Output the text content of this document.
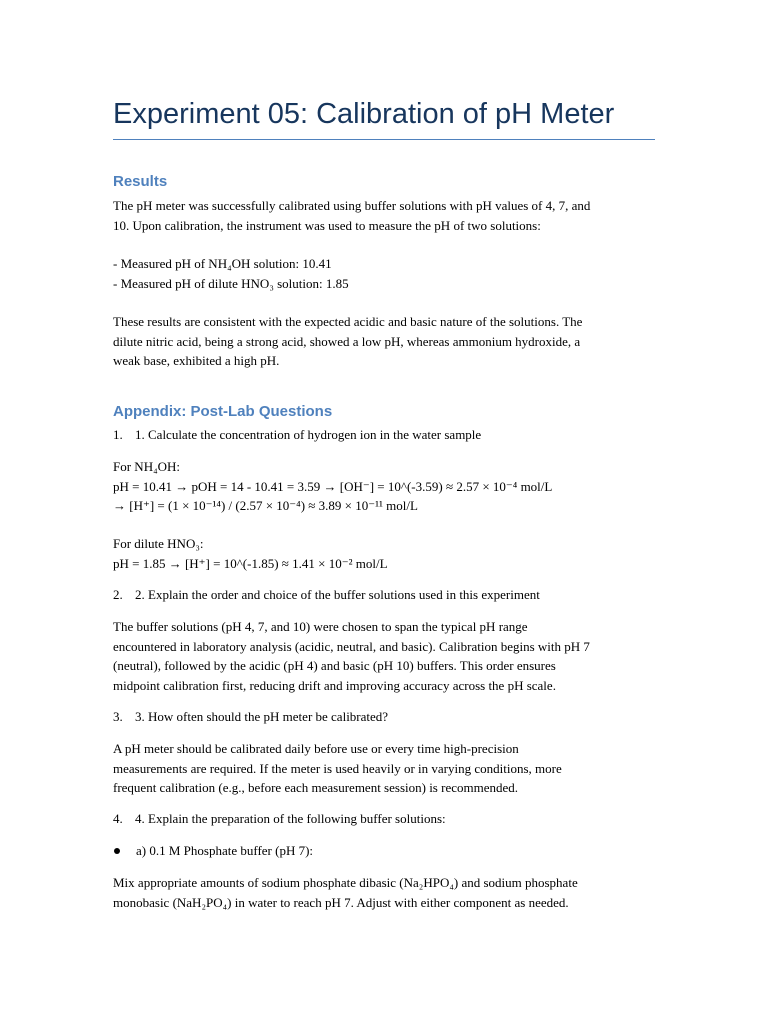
Experiment 05: Calibration of pH Meter
Results

The pH meter was successfully calibrated using buffer solutions with pH values of 4, 7, and

10. Upon calibration, the instrument was used to measure the pH of two solutions:

- Measured pH of NH₄OH solution: 10.41

- Measured pH of dilute HNO₃ solution: 1.85

These results are consistent with the expected acidic and basic nature of the solutions. The

dilute nitric acid, being a strong acid, showed a low pH, whereas ammonium hydroxide, a

weak base, exhibited a high pH.

Appendix: Post-Lab Questions

1. 1. Calculate the concentration of hydrogen ion in the water sample

For NH₄OH:

pH = 10.41 → pOH = 14 - 10.41 = 3.59 → [OH⁻] = 10^(-3.59) ≈ 2.57 × 10⁻⁴ mol/L

→ [H⁺] = (1 × 10⁻¹⁴) / (2.57 × 10⁻⁴) ≈ 3.89 × 10⁻¹¹ mol/L

For dilute HNO₃:

pH = 1.85 → [H⁺] = 10^(-1.85) ≈ 1.41 × 10⁻² mol/L

2. 2. Explain the order and choice of the buffer solutions used in this experiment

The buffer solutions (pH 4, 7, and 10) were chosen to span the typical pH range

encountered in laboratory analysis (acidic, neutral, and basic). Calibration begins with pH 7

(neutral), followed by the acidic (pH 4) and basic (pH 10) buffers. This order ensures

midpoint calibration first, reducing drift and improving accuracy across the pH scale.

3. 3. How often should the pH meter be calibrated?

A pH meter should be calibrated daily before use or every time high-precision

measurements are required. If the meter is used heavily or in varying conditions, more

frequent calibration (e.g., before each measurement session) is recommended.

4. 4. Explain the preparation of the following buffer solutions:

a) 0.1 M Phosphate buffer (pH 7):

Mix appropriate amounts of sodium phosphate dibasic (Na₂HPO₄) and sodium phosphate

monobasic (NaH₂PO₄) in water to reach pH 7. Adjust with either component as needed.
